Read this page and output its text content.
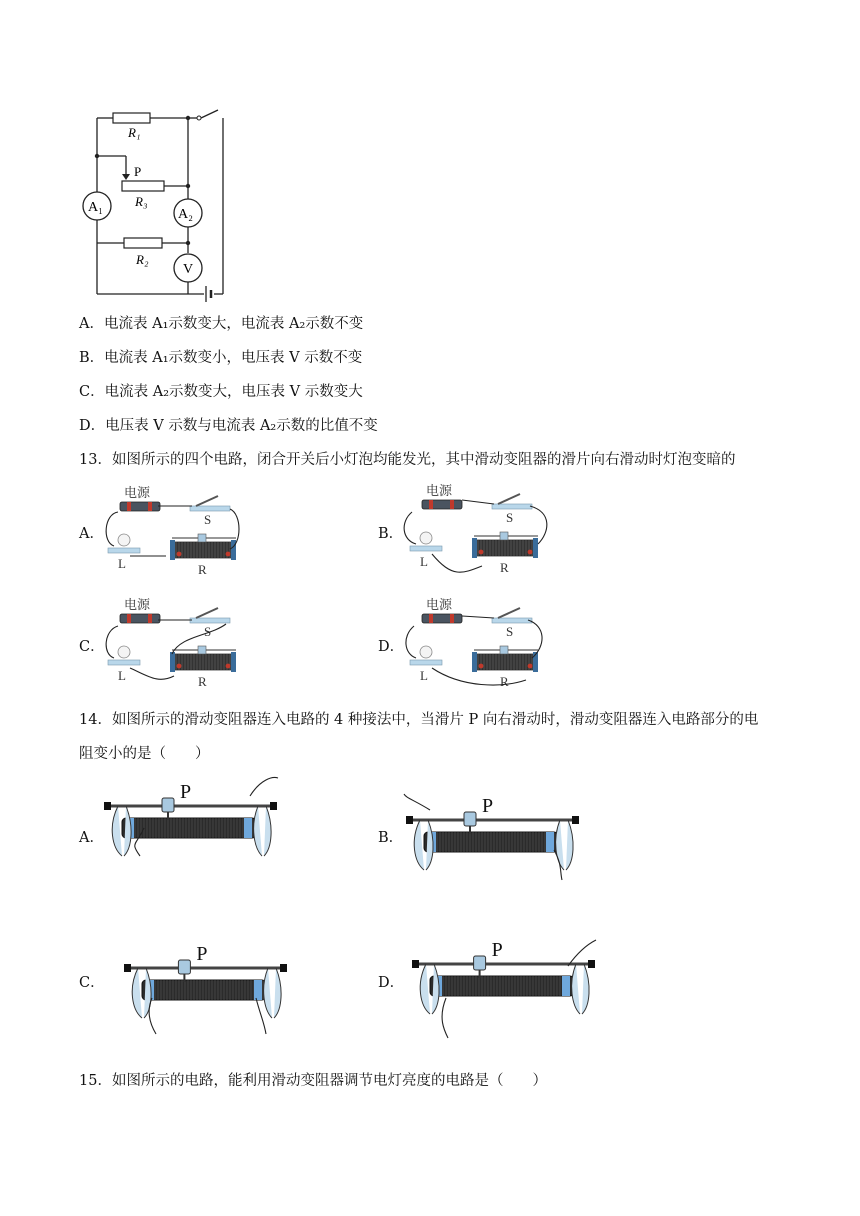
R₁
P
R₃
R₂
A₁	A₂
V
A．电流表 A₁示数变大，电流表 A₂示数不变
B．电流表 A₁示数变小，电压表 V 示数不变
C．电流表 A₂示数变大，电压表 V 示数变大
D．电压表 V 示数与电流表 A₂示数的比值不变
13．如图所示的四个电路，闭合开关后小灯泡均能发光，其中滑动变阻器的滑片向右滑动时灯泡变暗的
A．	B．
C．	D．
电源
S
L	R
电源
S
L	R
电源
S
L	R
电源
S
L	R
14．如图所示的滑动变阻器连入电路的 4 种接法中，当滑片 P 向右滑动时，滑动变阻器连入电路部分的电
阻变小的是（　　）
A．	B．
C．	D．
P
P
P	P
15．如图所示的电路，能利用滑动变阻器调节电灯亮度的电路是（　　）
